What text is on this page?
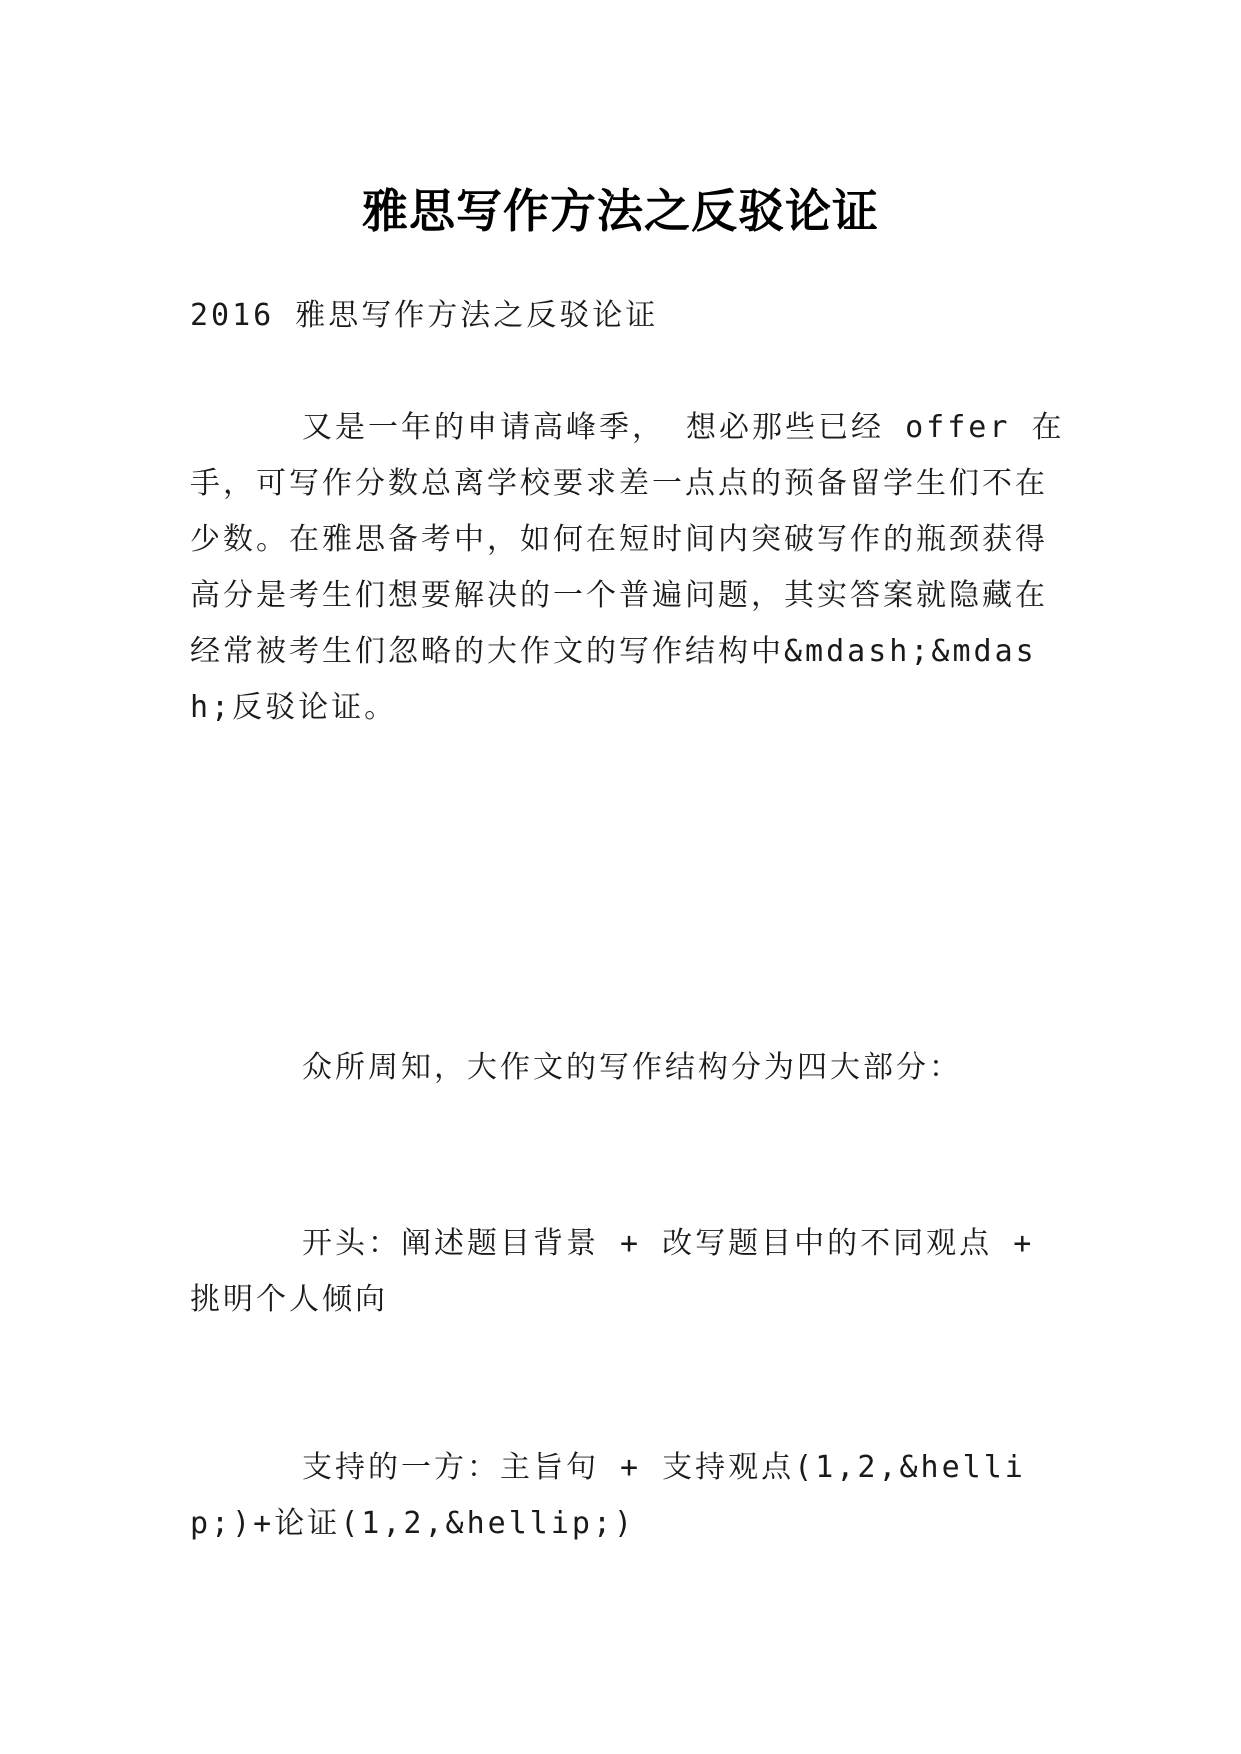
雅思写作方法之反驳论证

2016 雅思写作方法之反驳论证

又是一年的申请高峰季， 想必那些已经 offer 在手，可写作分数总离学校要求差一点点的预备留学生们不在少数。在雅思备考中，如何在短时间内突破写作的瓶颈获得高分是考生们想要解决的一个普遍问题，其实答案就隐藏在经常被考生们忽略的大作文的写作结构中&mdash;&mdash;反驳论证。

众所周知，大作文的写作结构分为四大部分：

开头：阐述题目背景 + 改写题目中的不同观点 + 挑明个人倾向

支持的一方：主旨句 + 支持观点(1,2,&hellip;)+论证(1,2,&hellip;)
